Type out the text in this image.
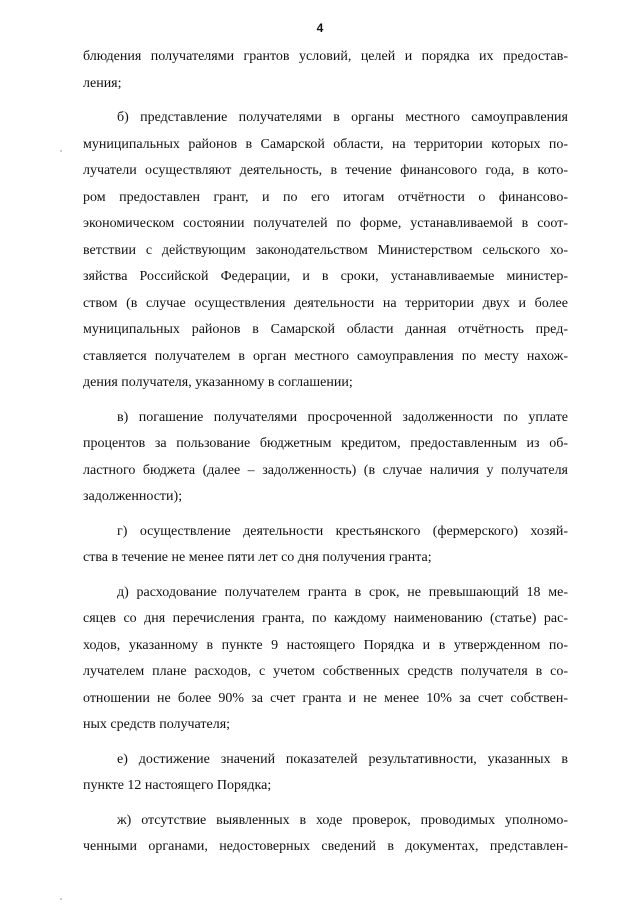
4
блюдения получателями грантов условий, целей и порядка их предостав-
ления;
б) представление получателями в органы местного самоуправления
муниципальных районов в Самарской области, на территории которых по-
лучатели осуществляют деятельность, в течение финансового года, в кото-
ром предоставлен грант, и по его итогам отчётности о финансово-
экономическом состоянии получателей по форме, устанавливаемой в соот-
ветствии с действующим законодательством Министерством сельского хо-
зяйства Российской Федерации, и в сроки, устанавливаемые министер-
ством (в случае осуществления деятельности на территории двух и более
муниципальных районов в Самарской области данная отчётность пред-
ставляется получателем в орган местного самоуправления по месту нахож-
дения получателя, указанному в соглашении;
в) погашение получателями просроченной задолженности по уплате
процентов за пользование бюджетным кредитом, предоставленным из об-
ластного бюджета (далее – задолженность) (в случае наличия у получателя
задолженности);
г) осуществление деятельности крестьянского (фермерского) хозяй-
ства в течение не менее пяти лет со дня получения гранта;
д) расходование получателем гранта в срок, не превышающий 18 ме-
сяцев со дня перечисления гранта, по каждому наименованию (статье) рас-
ходов, указанному в пункте 9 настоящего Порядка и в утвержденном по-
лучателем плане расходов, с учетом собственных средств получателя в со-
отношении не более 90% за счет гранта и не менее 10% за счет собствен-
ных средств получателя;
е) достижение значений показателей результативности, указанных в
пункте 12 настоящего Порядка;
ж) отсутствие выявленных в ходе проверок, проводимых уполномо-
ченными органами, недостоверных сведений в документах, представлен-
